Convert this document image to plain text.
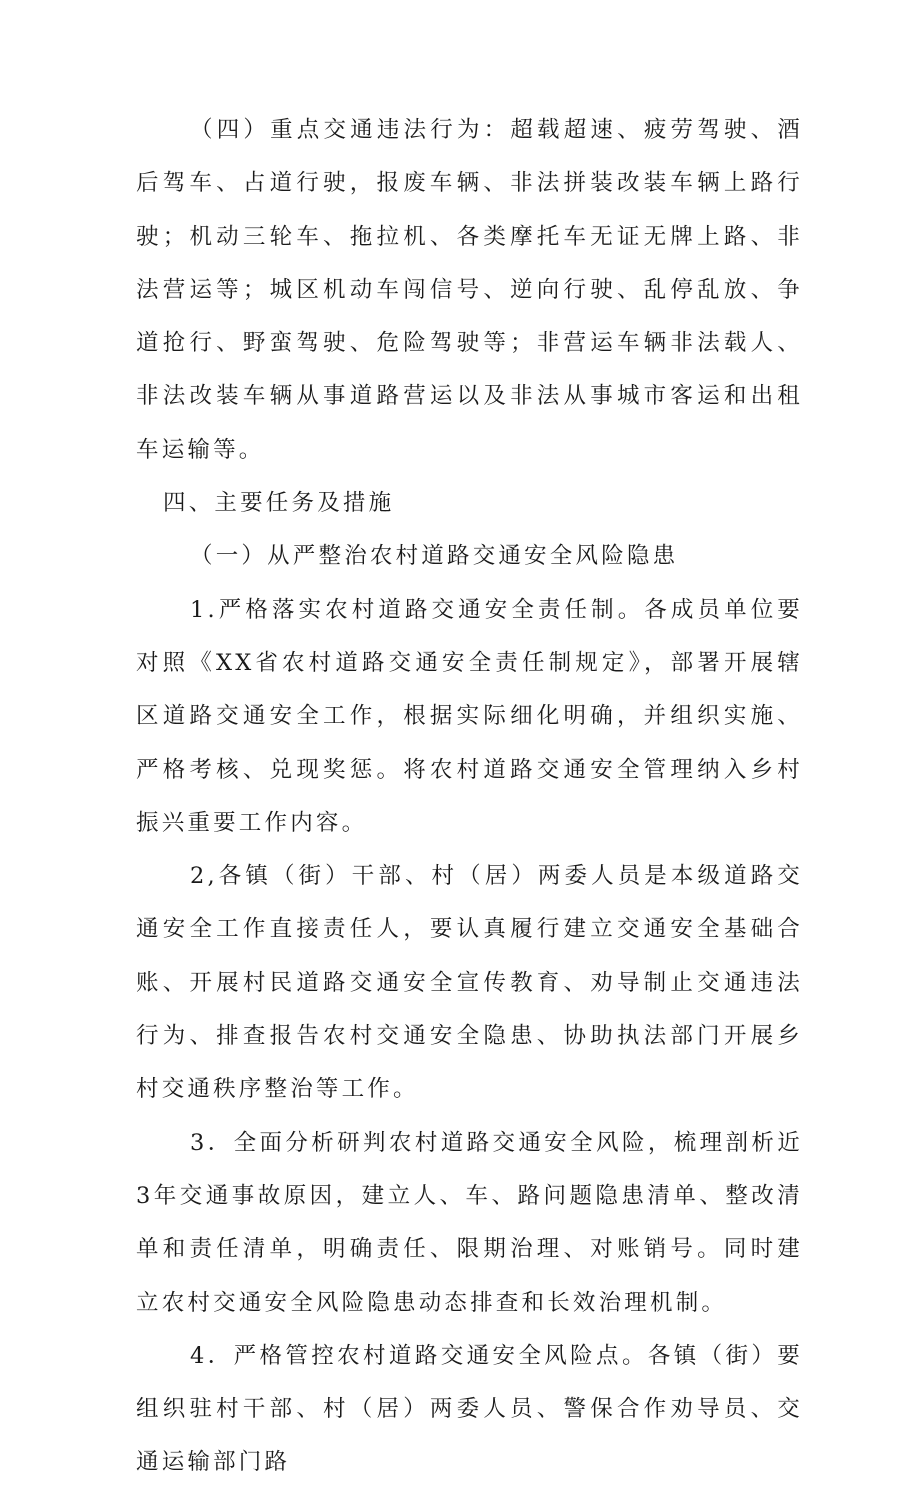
（四）重点交通违法行为：超载超速、疲劳驾驶、酒后驾车、占道行驶，报废车辆、非法拼装改装车辆上路行驶；机动三轮车、拖拉机、各类摩托车无证无牌上路、非法营运等；城区机动车闯信号、逆向行驶、乱停乱放、争道抢行、野蛮驾驶、危险驾驶等；非营运车辆非法载人、非法改装车辆从事道路营运以及非法从事城市客运和出租车运输等。

四、主要任务及措施

（一）从严整治农村道路交通安全风险隐患

1.严格落实农村道路交通安全责任制。各成员单位要对照《XX省农村道路交通安全责任制规定》，部署开展辖区道路交通安全工作，根据实际细化明确，并组织实施、严格考核、兑现奖惩。将农村道路交通安全管理纳入乡村振兴重要工作内容。

2,各镇（街）干部、村（居）两委人员是本级道路交通安全工作直接责任人，要认真履行建立交通安全基础合账、开展村民道路交通安全宣传教育、劝导制止交通违法行为、排查报告农村交通安全隐患、协助执法部门开展乡村交通秩序整治等工作。

3．全面分析研判农村道路交通安全风险，梳理剖析近3年交通事故原因，建立人、车、路问题隐患清单、整改清单和责任清单，明确责任、限期治理、对账销号。同时建立农村交通安全风险隐患动态排查和长效治理机制。

4．严格管控农村道路交通安全风险点。各镇（街）要组织驻村干部、村（居）两委人员、警保合作劝导员、交通运输部门路
